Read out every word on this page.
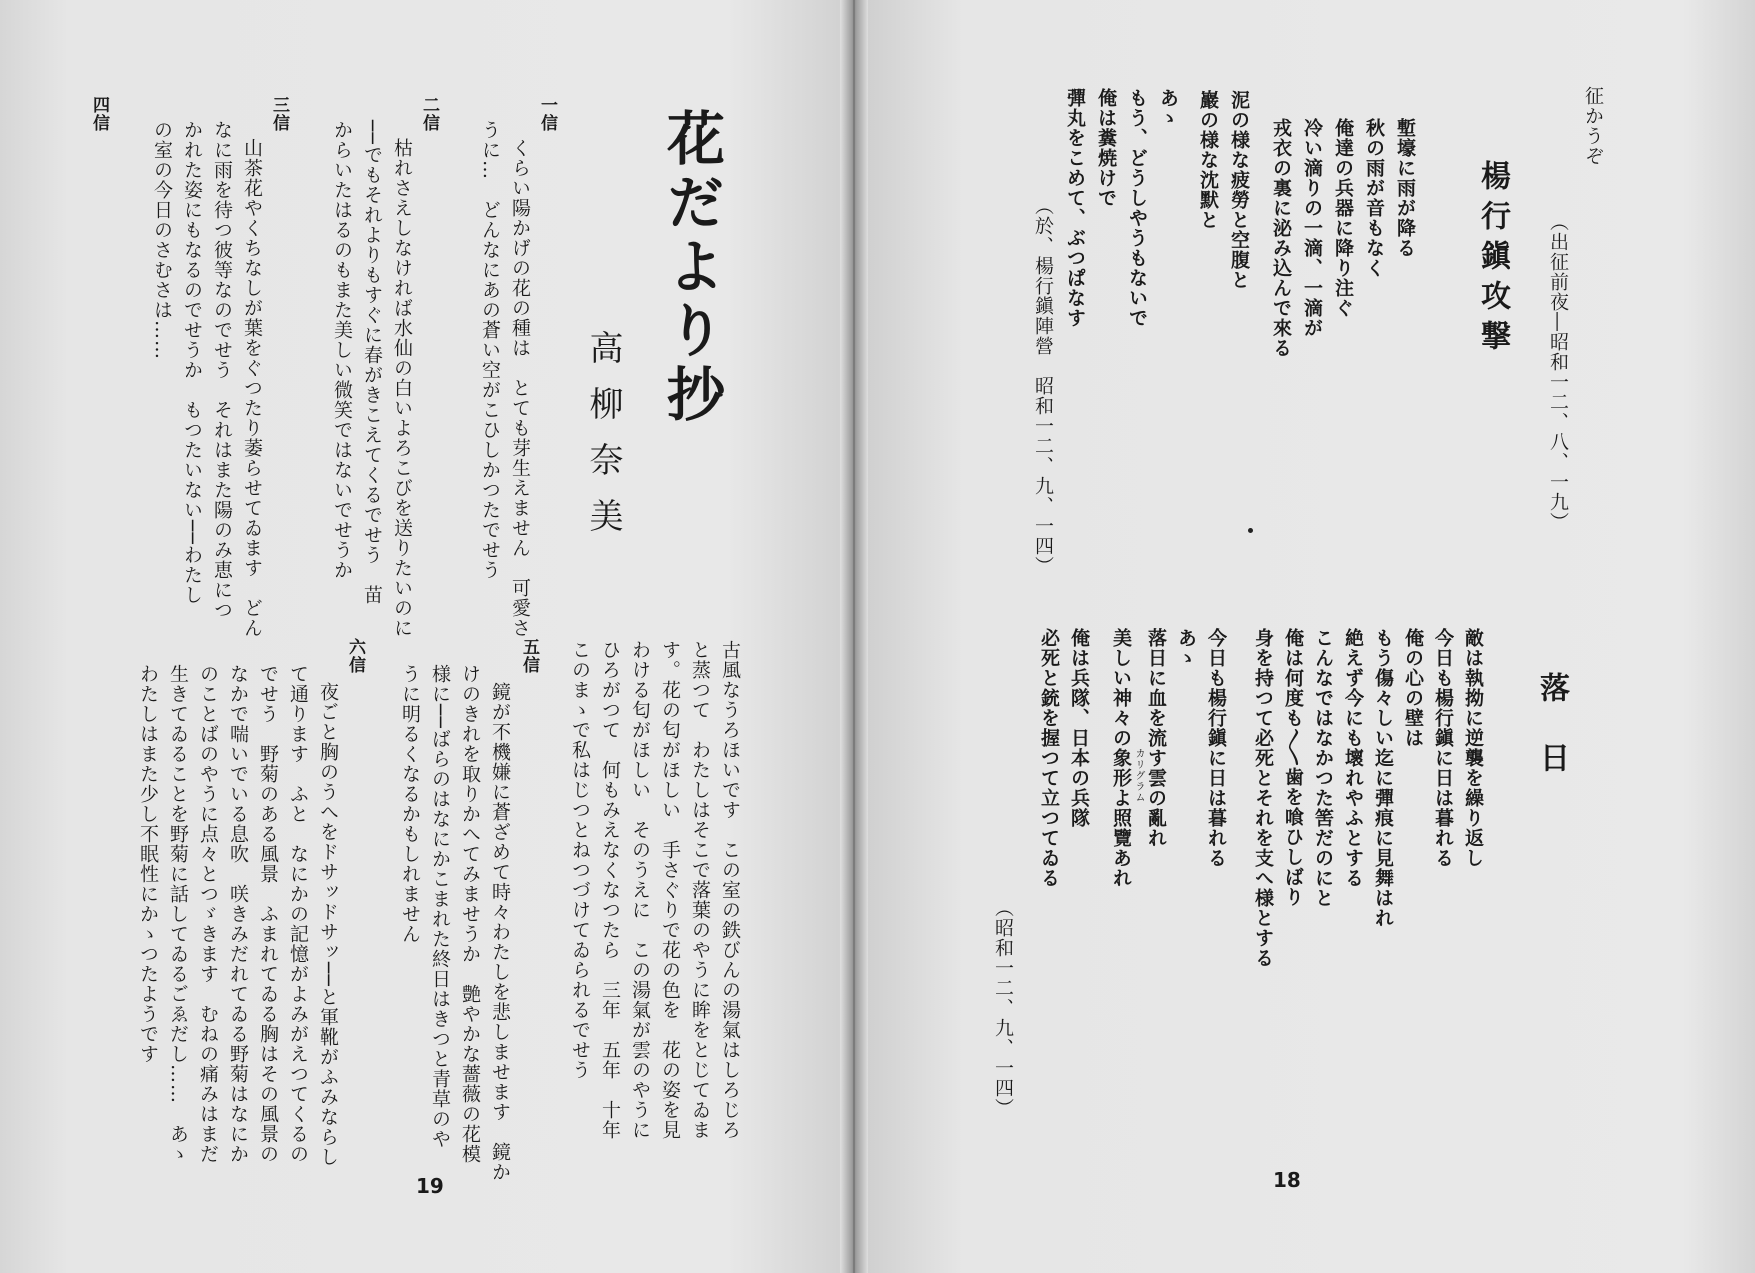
征かうぞ
楊行鎭攻撃 （出征前夜―昭和一二、八、一九）
塹壕に雨が降る
秋の雨が音もなく
俺達の兵器に降り注ぐ
冷い滴りの一滴、一滴が
戎衣の裏に泌み込んで來る
泥の様な疲勞と空腹と
巖の様な沈默と
あゝ
もう、どうしやうもないで
俺は糞焼けで
彈丸をこめて、ぶつぱなす
（於、楊行鎭陣營　昭和一二、九、一四）
落日
敵は執拗に逆襲を繰り返し
今日も楊行鎭に日は暮れる
俺の心の壁は
もう傷々しい迄に彈痕に見舞はれ
絶えず今にも壞れやふとする
こんなではなかつた筈だのにと
俺は何度も〳〵歯を喰ひしばり
身を持つて必死とそれを支へ様とする
今日も楊行鎭に日は暮れる
あゝ
落日に血を流す雲の亂れ
カリグラム
美しい神々の象形よ照覽あれ
俺は兵隊、日本の兵隊
必死と銃を握つて立つてゐる
（昭和一二、九、一四）
18
花だより抄
高柳奈美
一信
くらい陽かげの花の種は　とても芽生えません　可愛さ
うに…　どんなにあの蒼い空がこひしかつたでせう
二信
枯れさえしなければ水仙の白いよろこびを送りたいのに
──でもそれよりもすぐに春がきこえてくるでせう　苗
からいたはるのもまた美しい微笑ではないでせうか
三信
山茶花やくちなしが葉をぐつたり萎らせてゐます　どん
なに雨を待つ彼等なのでせう　それはまた陽のみ恵につ
かれた姿にもなるのでせうか　もつたいない──わたし
の室の今日のさむさは……
四信
古風なうろほいです　この室の鉄びんの湯氣はしろじろ
と蒸つて　わたしはそこで落葉のやうに眸をとじてゐま
す。花の匂がほしい　手さぐりで花の色を　花の姿を見
わける匂がほしい　そのうえに　この湯氣が雲のやうに
ひろがつて　何もみえなくなつたら　三年　五年　十年
このまゝで私はじつとねつづけてゐられるでせう
五信
鏡が不機嫌に蒼ざめて時々わたしを悲しませます　鏡か
けのきれを取りかへてみませうか　艶やかな薔薇の花模
様に──ばらのはなにかこまれた終日はきつと青草のや
うに明るくなるかもしれません
六信
夜ごと胸のうへをドサッドサッ──と軍靴がふみならし
て通ります　ふと　なにかの記憶がよみがえつてくるの
でせう　野菊のある風景　ふまれてゐる胸はその風景の
なかで喘いでいる息吹　咲きみだれてゐる野菊はなにか
のことばのやうに点々とつゞきます　むねの痛みはまだ
生きてゐることを野菊に話してゐるごゑだし……　あゝ
わたしはまた少し不眠性にかゝつたようです
19
